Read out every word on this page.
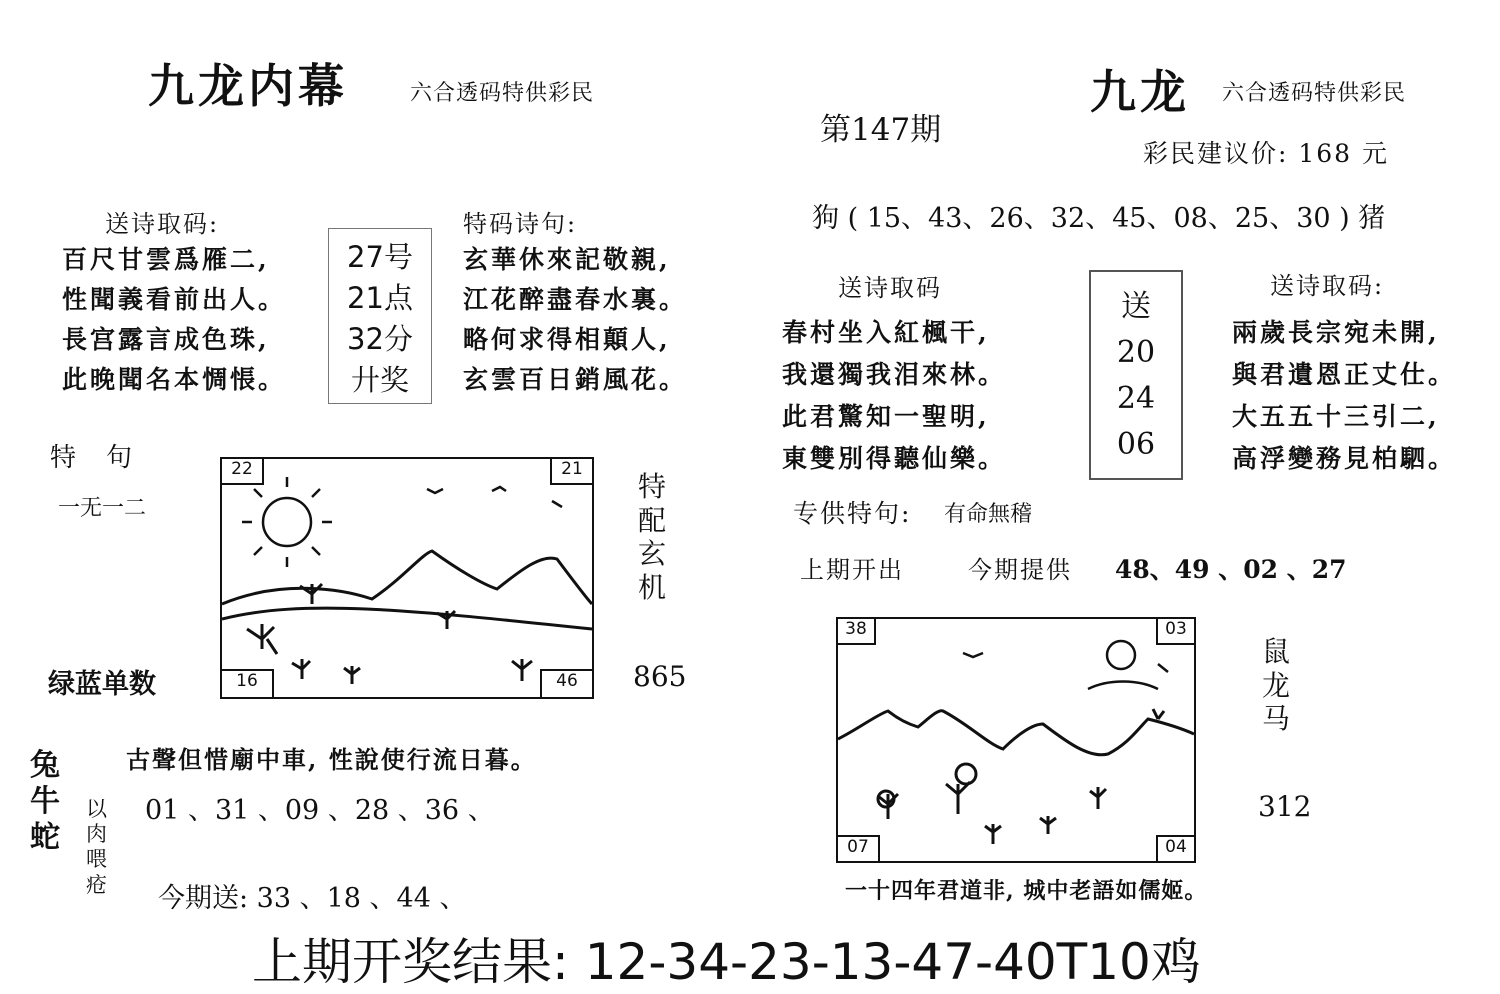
九龙内幕	六合透码特供彩民
送诗取码:
百尺甘雲爲雁二,
性聞義看前出人。
長宫露言成色珠,
此晚聞名本惆悵。
27号
21点
32分
廾奖
特码诗句:
玄華休來記敬親,
江花醉盡春水裏。
略何求得相顛人,
玄雲百日銷風花。
特　句
一无一二
22	21
16	46
特
配
玄
机
865
绿蓝单数
兔
牛
蛇
以
肉
喂
疮
古聲但惜廟中車, 性說使行流日暮。
01 、31 、09 、28 、36 、
今期送: 33 、18 、44 、
第147期
九龙 六合透码特供彩民
彩民建议价: 168 元
狗 ( 15、43、26、32、45、08、25、30 ) 猪
送诗取码
春村坐入紅楓干,
我還獨我泪來林。
此君驚知一聖明,
東雙別得聽仙樂。
送
20
24
06
送诗取码:
兩歲長宗宛未開,
與君遺恩正丈仕。
大五五十三引二,
高浮變務見柏駟。
专供特句: 有命無稽
上期开出	今期提供 48、49 、02 、27
38	03
07	04
鼠
龙
马
312
一十四年君道非, 城中老語如儒姬。
上期开奖结果: 12-34-23-13-47-40T10鸡
